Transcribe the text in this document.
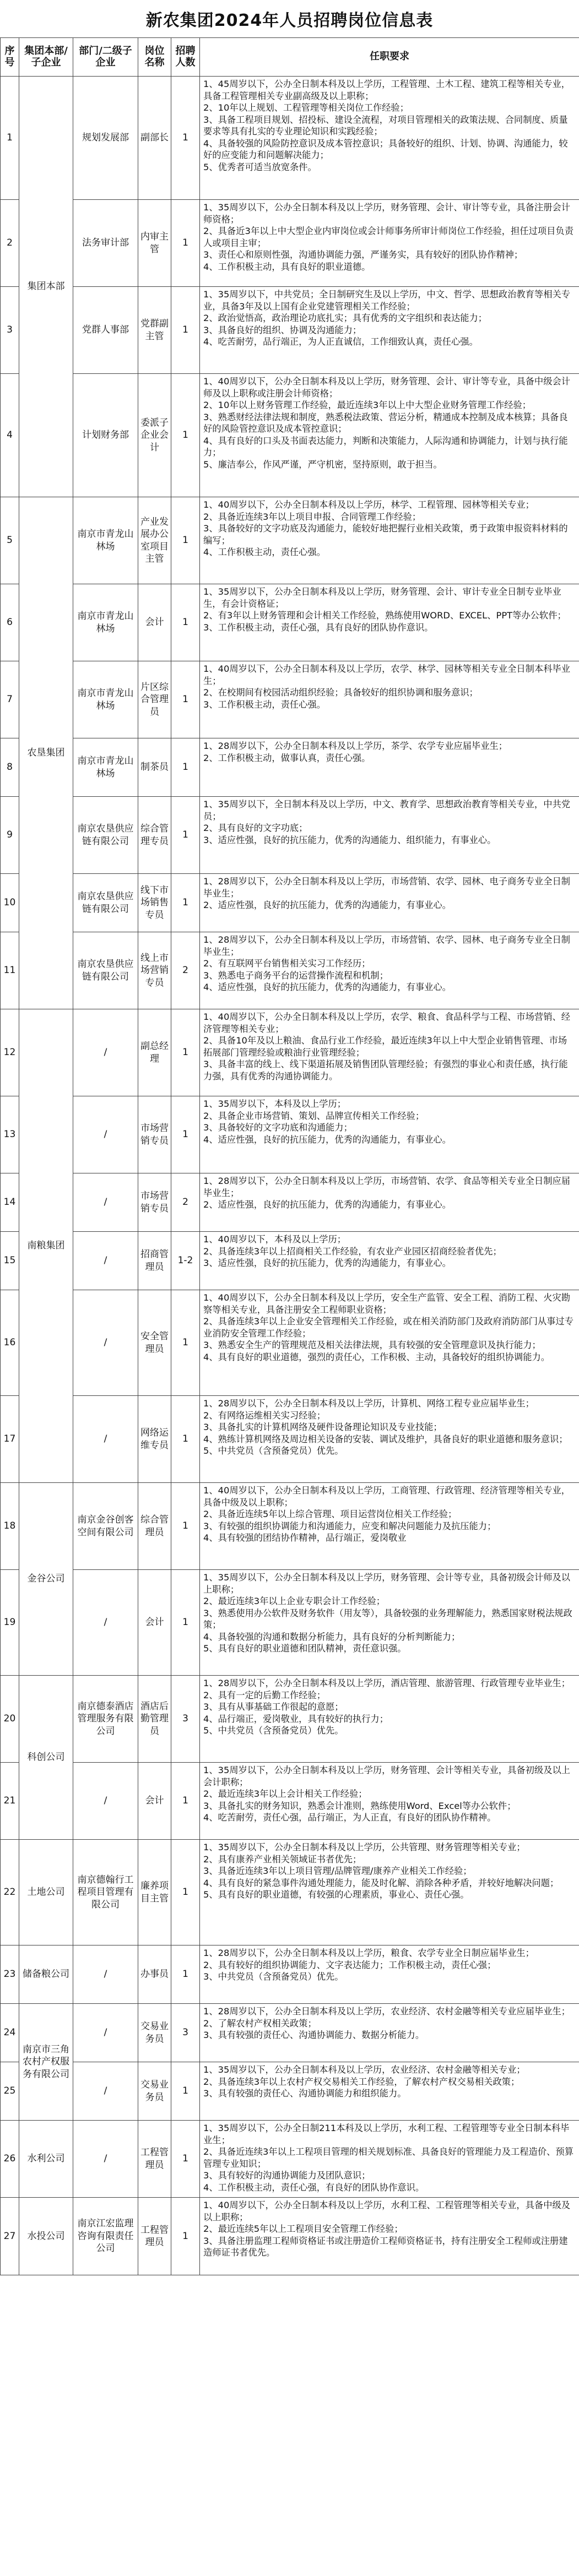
新农集团2024年人员招聘岗位信息表
序号	集团本部/子企业	部门/二级子企业	岗位名称	招聘人数	任职要求
1	集团本部	规划发展部	副部长	1	1、45周岁以下，公办全日制本科及以上学历，工程管理、土木工程、建筑工程等相关专业，具备工程管理相关专业副高级及以上职称；
2、10年以上规划、工程管理等相关岗位工作经验；
3、具备工程项目规划、招投标、建设全流程，对项目管理相关的政策法规、合同制度、质量要求等具有扎实的专业理论知识和实践经验；
4、具备较强的风险防控意识及成本管控意识；具备较好的组织、计划、协调、沟通能力，较好的应变能力和问题解决能力；
5、优秀者可适当放宽条件。

2		法务审计部	内审主管	1	1、35周岁以下，公办全日制本科及以上学历，财务管理、会计、审计等专业，具备注册会计师资格；
2、具备近3年以上中大型企业内审岗位或会计师事务所审计师岗位工作经验，担任过项目负责人或项目主审；
3、责任心和原则性强，沟通协调能力强，严谨务实，具有较好的团队协作精神；
4、工作积极主动，具有良好的职业道德。

3		党群人事部	党群副主管	1	1、35周岁以下，中共党员；全日制研究生及以上学历，中文、哲学、思想政治教育等相关专业，具备3年及以上国有企业党建管理相关工作经验；
2、政治觉悟高，政治理论功底扎实；具有优秀的文字组织和表达能力；
3、具备良好的组织、协调及沟通能力；
4、吃苦耐劳，品行端正，为人正直诚信，工作细致认真，责任心强。

4		计划财务部	委派子企业会计	1	1、40周岁以下，公办全日制本科及以上学历，财务管理、会计、审计等专业，具备中级会计师及以上职称或注册会计师资格；
2、10年以上财务管理工作经验，最近连续3年以上中大型企业财务管理工作经验；
3、熟悉财经法律法规和制度，熟悉税法政策、营运分析，精通成本控制及成本核算；具备良好的风险管控意识及成本管控意识；
4、具有良好的口头及书面表达能力，判断和决策能力，人际沟通和协调能力，计划与执行能力；
5、廉洁奉公，作风严谨，严守机密，坚持原则，敢于担当。

5	农垦集团	南京市青龙山林场	产业发展办公室项目主管	1	1、40周岁以下，公办全日制本科及以上学历，林学、工程管理、园林等相关专业；
2、具备近连续3年以上项目申报、合同管理工作经验；
3、具备较好的文字功底及沟通能力，能较好地把握行业相关政策，勇于政策申报资料材料的编写；
4、工作积极主动，责任心强。

6		南京市青龙山林场	会计	1	1、35周岁以下，公办全日制本科及以上学历，财务管理、会计、审计专业全日制专业毕业生，有会计资格证；
2、有3年以上财务管理和会计相关工作经验，熟练使用WORD、EXCEL、PPT等办公软件；
3、工作积极主动，责任心强，具有良好的团队协作意识。

7		南京市青龙山林场	片区综合管理员	1	1、40周岁以下，公办全日制本科及以上学历，农学、林学、园林等相关专业全日制本科毕业生；
2、在校期间有校园活动组织经验；具备较好的组织协调和服务意识；
3、工作积极主动，责任心强。

8		南京市青龙山林场	制茶员	1	1、28周岁以下，公办全日制本科及以上学历，茶学、农学专业应届毕业生；
2、工作积极主动，做事认真，责任心强。

9		南京农垦供应链有限公司	综合管理专员	1	1、35周岁以下，全日制本科及以上学历，中文、教育学、思想政治教育等相关专业，中共党员；
2、具有良好的文字功底；
3、适应性强，良好的抗压能力，优秀的沟通能力、组织能力，有事业心。

10		南京农垦供应链有限公司	线下市场销售专员	1	1、28周岁以下，公办全日制本科及以上学历，市场营销、农学、园林、电子商务专业全日制毕业生；
2、适应性强，良好的抗压能力，优秀的沟通能力，有事业心。

11		南京农垦供应链有限公司	线上市场营销专员	2	1、28周岁以下，公办全日制本科及以上学历，市场营销、农学、园林、电子商务专业全日制毕业生；
2、有互联网平台销售相关实习工作经历；
3、熟悉电子商务平台的运营操作流程和机制；
4、适应性强，良好的抗压能力，优秀的沟通能力，有事业心。

12	南粮集团	/	副总经理	1	1、40周岁以下，公办全日制本科及以上学历，农学、粮食、食品科学与工程、市场营销、经济管理等相关专业；
2、具备10年及以上粮油、食品行业工作经验，最近连续3年以上中大型企业销售管理、市场拓展部门管理经验或粮油行业管理经验；
3、具备丰富的线上、线下渠道拓展及销售团队管理经验；有强烈的事业心和责任感，执行能力强，具有优秀的沟通协调能力。

13		/	市场营销专员	1	1、35周岁以下，本科及以上学历；
2、具备企业市场营销、策划、品牌宣传相关工作经验；
3、具备较好的文字功底和沟通能力；
4、适应性强，良好的抗压能力，优秀的沟通能力，有事业心。

14		/	市场营销专员	2	1、28周岁以下，公办全日制本科及以上学历，市场营销、农学、食品等相关专业全日制应届毕业生；
2、适应性强，良好的抗压能力，优秀的沟通能力，有事业心。

15		/	招商管理员	1-2	1、40周岁以下，本科及以上学历；
2、具备连续3年以上招商相关工作经验，有农业产业园区招商经验者优先；
3、适应性强，良好的抗压能力，优秀的沟通能力，有事业心。

16		/	安全管理员	1	1、40周岁以下，公办全日制本科及以上学历，安全生产监管、安全工程、消防工程、火灾勘察等相关专业，具备注册安全工程师职业资格；
2、具备连续3年以上企业安全管理相关工作经验，或在相关消防部门及政府消防部门从事过专业消防安全管理工作经验；
3、熟悉安全生产的管理规范及相关法律法规，具有较强的安全管理意识及执行能力；
4、具有良好的职业道德，强烈的责任心，工作积极、主动，具备较好的组织协调能力。

17		/	网络运维专员	1	1、28周岁以下，公办全日制本科及以上学历，计算机、网络工程专业应届毕业生；
2、有网络运维相关实习经验；
3、具备扎实的计算机网络及硬件设备理论知识及专业技能；
4、熟练计算机网络及周边相关设备的安装、调试及维护，具备良好的职业道德和服务意识；
5、中共党员（含预备党员）优先。

18	金谷公司	南京金谷创客空间有限公司	综合管理员	1	1、40周岁以下，公办全日制本科及以上学历，工商管理、行政管理、经济管理等相关专业，具备中级及以上职称；
2、具备近连续5年以上综合管理、项目运营岗位相关工作经验；
3、有较强的组织协调能力和沟通能力，应变和解决问题能力及抗压能力；
4、具有较强的团结协作精神，品行端正，爱岗敬业

19		/	会计	1	1、35周岁以下，公办全日制本科及以上学历，财务管理、会计等专业，具备初级会计师及以上职称；
2、最近连续3年以上企业专职会计工作经验；
3、熟悉使用办公软件及财务软件（用友等），具备较强的业务理解能力，熟悉国家财税法规政策；
4、具备较强的沟通和数据分析能力，具有良好的分析判断能力；
5、具有良好的职业道德和团队精神，责任意识强。

20	科创公司	南京德泰酒店管理服务有限公司	酒店后勤管理员	3	1、28周岁以下，公办全日制本科及以上学历，酒店管理、旅游管理、行政管理专业毕业生；
2、具有一定的后勤工作经验；
3、具有从事基础工作很起的意愿；
4、品行端正，爱岗敬业，具有较好的执行力；
5、中共党员（含预备党员）优先。

21		/	会计	1	1、35周岁以下，公办全日制本科及以上学历，财务管理、会计等相关专业，具备初级及以上会计职称；
2、最近连续3年以上会计相关工作经验；
3、具备扎实的财务知识，熟悉会计准则，熟练使用Word、Excel等办公软件；
4、吃苦耐劳，责任心强，品行端正，为人正直，有良好的团队协作精神。

22	土地公司	南京德翰行工程项目管理有限公司	廉养项目主管	1	1、35周岁以下，公办全日制本科及以上学历，公共管理、财务管理等相关专业；
2、具有康养产业相关领域证书者优先；
3、具备近连续3年以上项目管理/品牌管理/康养产业相关工作经验；
4、具有良好的紧急事件沟通处理能力，能及时化解、消除各种矛盾，并较好地解决问题；
5、具有良好的职业道德，有较强的心理素质，事业心、责任心强。

23	储备粮公司	/	办事员	1	1、28周岁以下，公办全日制本科及以上学历，粮食、农学专业全日制应届毕业生；
2、具有较好的组织协调能力、文字表达能力；工作积极主动，责任心强；
3、中共党员（含预备党员）优先。

24	南京市三角农村产权服务有限公司	/	交易业务员	3	1、28周岁以下，公办全日制本科及以上学历，农业经济、农村金融等相关专业应届毕业生；
2、了解农村产权相关政策；
3、具有较强的责任心、沟通协调能力、数据分析能力。

25		/	交易业务员	1	1、35周岁以下，公办全日制本科及以上学历，农业经济、农村金融等相关专业；
2、具备连续3年以上农村产权交易相关工作经验，了解农村产权交易相关政策；
3、具有较强的责任心、沟通协调能力和组织能力。

26	水利公司	/	工程管理员	1	1、35周岁以下，公办全日制211本科及以上学历，水利工程、工程管理等专业全日制本科毕业生；
2、具备近连续3年以上工程项目管理的相关规划标准、具备良好的管理能力及工程造价、预算管理专业知识；
3、具有较好的沟通协调能力及团队意识；
4、工作积极主动，责任心强，有良好的团队协作意识。

27	水投公司	南京江宏监理咨询有限责任公司	工程管理员	1	1、40周岁以下，公办全日制本科及以上学历，水利工程、工程管理等相关专业，具备中级及以上职称；
2、最近连续5年以上工程项目安全管理工作经验；
3、具备注册监理工程师资格证书或注册造价工程师资格证书，持有注册安全工程师或注册建造师证书者优先。
